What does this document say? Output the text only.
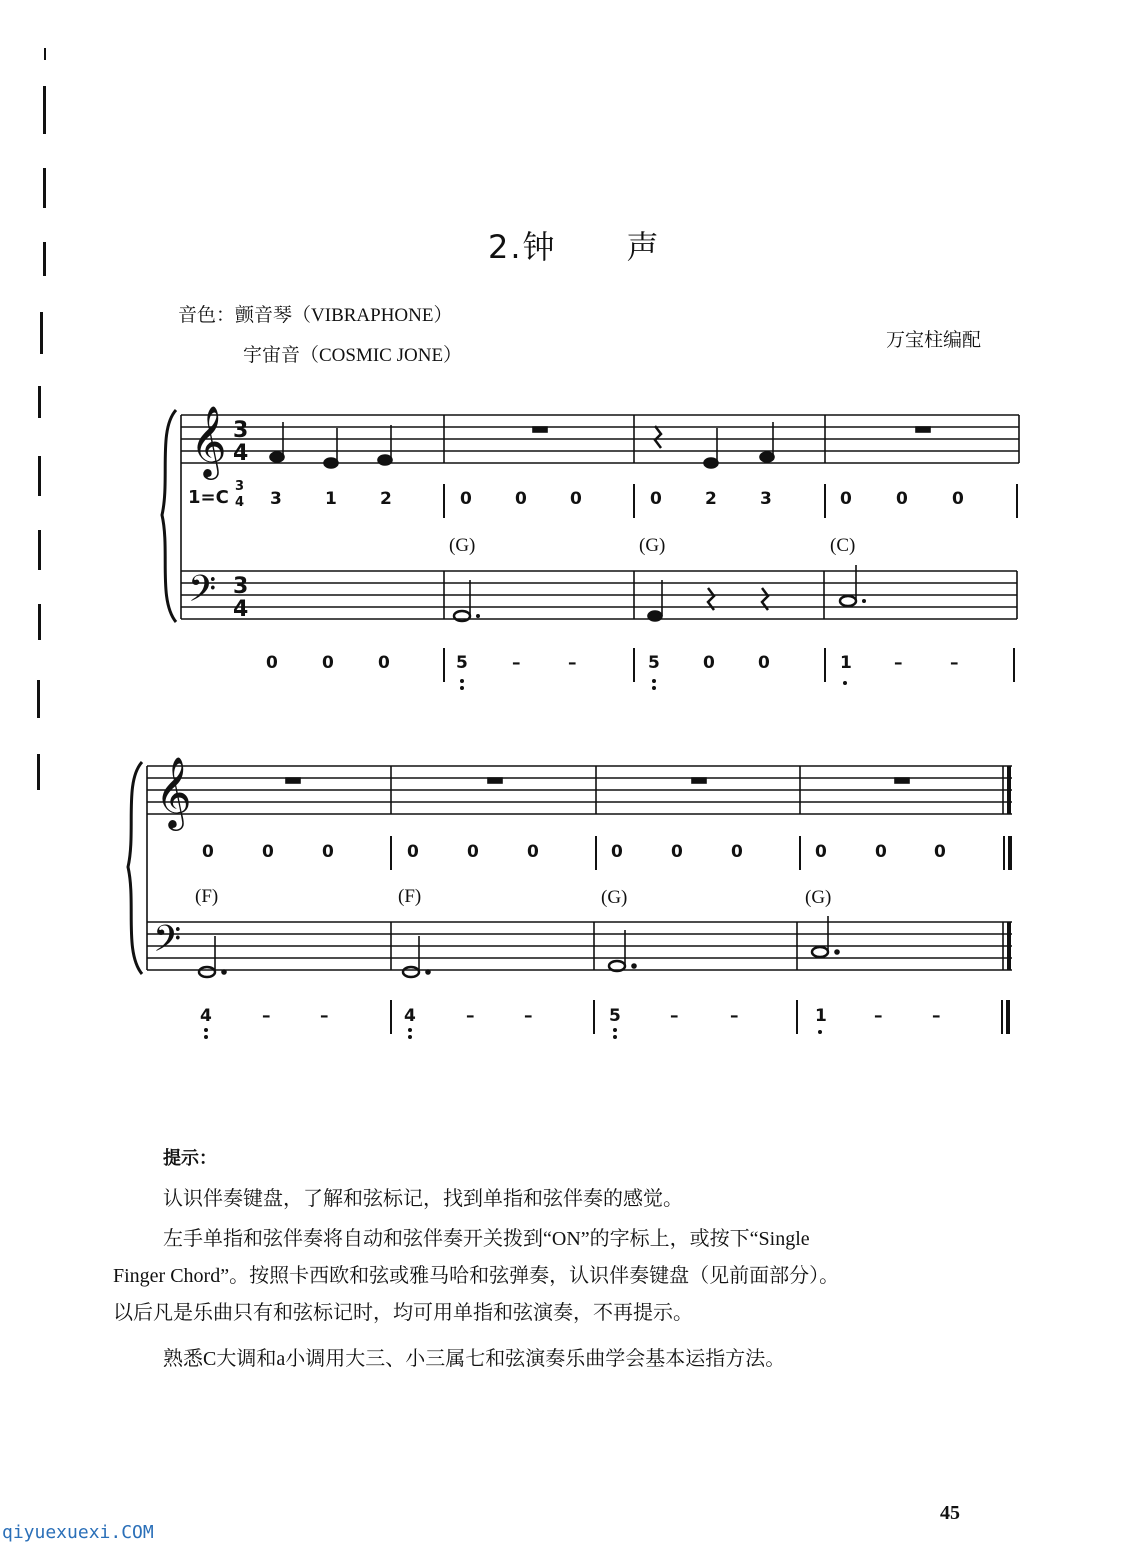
2.钟 声
音色：颤音琴（VIBRAPHONE）
宇宙音（COSMIC JONE）
万宝柱编配
𝄞
𝄢
3
4
3
4
𝄞
𝄢
1=C
3
4 3	1	2	0	0	0	0	2	3	0	0	0
(G)	(G)	(C)
0	0	0	5	–	–	5	0	0	1 –	–
0	0	0	0	0	0	0	0	0	0	0	0
(F)	(F)	(G)	(G)
4	–	–	4	–	–	5	–	–	1	–	–
提示：
认识伴奏键盘，了解和弦标记，找到单指和弦伴奏的感觉。
左手单指和弦伴奏将自动和弦伴奏开关拨到“ON”的字标上，或按下“Single
Finger Chord”。按照卡西欧和弦或雅马哈和弦弹奏，认识伴奏键盘（见前面部分）。
以后凡是乐曲只有和弦标记时，均可用单指和弦演奏，不再提示。
熟悉C大调和a小调用大三、小三属七和弦演奏乐曲学会基本运指方法。
45
qiyuexuexi.COM
